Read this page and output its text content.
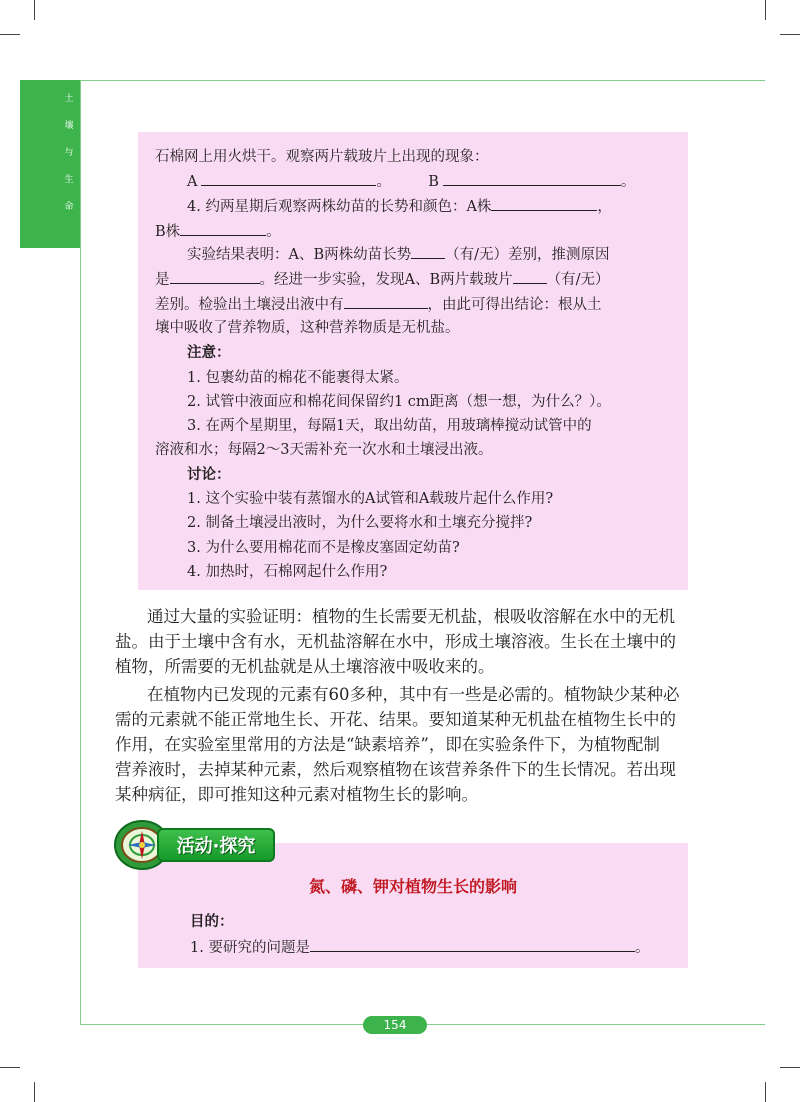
土
壤
与
生
命
石棉网上用火烘干。观察两片载玻片上出现的现象：
A	。	B	。
4. 约两星期后观察两株幼苗的长势和颜色：A株	，
B株	。
实验结果表明：A、B两株幼苗长势 （有/无）差别，推测原因
是	。经进一步实验，发现A、B两片载玻片 （有/无）
差别。检验出土壤浸出液中有	，由此可得出结论：根从土
壤中吸收了营养物质，这种营养物质是无机盐。
注意：
1. 包裹幼苗的棉花不能裹得太紧。
2. 试管中液面应和棉花间保留约1 cm距离（想一想，为什么？）。
3. 在两个星期里，每隔1天，取出幼苗，用玻璃棒搅动试管中的
溶液和水；每隔2～3天需补充一次水和土壤浸出液。
讨论：
1. 这个实验中装有蒸馏水的A试管和A载玻片起什么作用?
2. 制备土壤浸出液时，为什么要将水和土壤充分搅拌?
3. 为什么要用棉花而不是橡皮塞固定幼苗?
4. 加热时，石棉网起什么作用?
通过大量的实验证明：植物的生长需要无机盐，根吸收溶解在水中的无机
盐。由于土壤中含有水，无机盐溶解在水中，形成土壤溶液。生长在土壤中的
植物，所需要的无机盐就是从土壤溶液中吸收来的。
在植物内已发现的元素有60多种，其中有一些是必需的。植物缺少某种必
需的元素就不能正常地生长、开花、结果。要知道某种无机盐在植物生长中的
作用，在实验室里常用的方法是“缺素培养”，即在实验条件下，为植物配制
营养液时，去掉某种元素，然后观察植物在该营养条件下的生长情况。若出现
某种病征，即可推知这种元素对植物生长的影响。
活动·探究
氮、磷、钾对植物生长的影响
目的：
1. 要研究的问题是	。
154
